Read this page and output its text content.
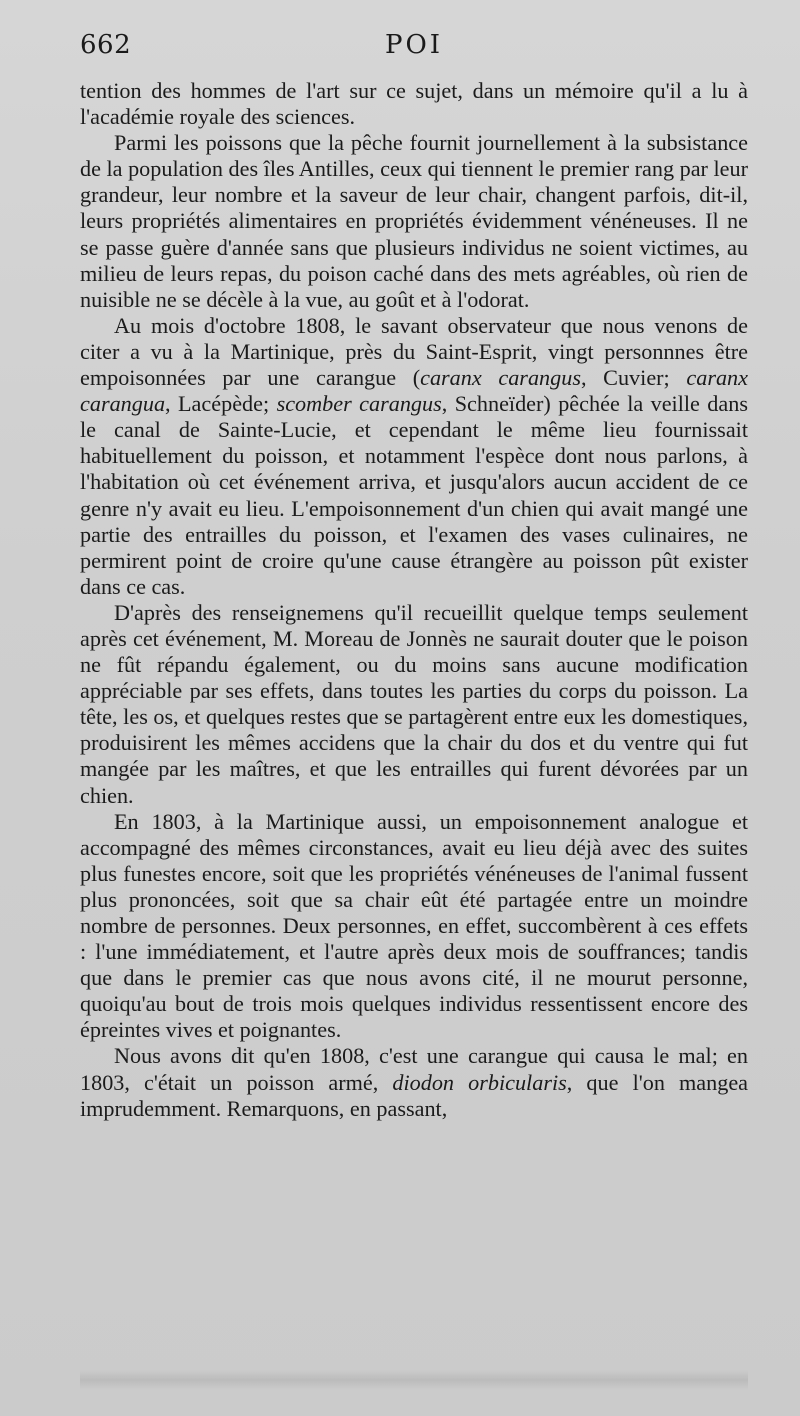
662	POI

tention des hommes de l'art sur ce sujet, dans un mémoire qu'il a lu à l'académie royale des sciences.

Parmi les poissons que la pêche fournit journellement à la subsistance de la population des îles Antilles, ceux qui tiennent le premier rang par leur grandeur, leur nombre et la saveur de leur chair, changent parfois, dit-il, leurs propriétés alimentaires en propriétés évidemment vénéneuses. Il ne se passe guère d'année sans que plusieurs individus ne soient victimes, au milieu de leurs repas, du poison caché dans des mets agréables, où rien de nuisible ne se décèle à la vue, au goût et à l'odorat.

Au mois d'octobre 1808, le savant observateur que nous venons de citer a vu à la Martinique, près du Saint-Esprit, vingt personnnes être empoisonnées par une carangue (caranx carangus, Cuvier; caranx carangua, Lacépède; scomber carangus, Schneïder) pêchée la veille dans le canal de Sainte-Lucie, et cependant le même lieu fournissait habituellement du poisson, et notamment l'espèce dont nous parlons, à l'habitation où cet événement arriva, et jusqu'alors aucun accident de ce genre n'y avait eu lieu. L'empoisonnement d'un chien qui avait mangé une partie des entrailles du poisson, et l'examen des vases culinaires, ne permirent point de croire qu'une cause étrangère au poisson pût exister dans ce cas.

D'après des renseignemens qu'il recueillit quelque temps seulement après cet événement, M. Moreau de Jonnès ne saurait douter que le poison ne fût répandu également, ou du moins sans aucune modification appréciable par ses effets, dans toutes les parties du corps du poisson. La tête, les os, et quelques restes que se partagèrent entre eux les domestiques, produisirent les mêmes accidens que la chair du dos et du ventre qui fut mangée par les maîtres, et que les entrailles qui furent dévorées par un chien.

En 1803, à la Martinique aussi, un empoisonnement analogue et accompagné des mêmes circonstances, avait eu lieu déjà avec des suites plus funestes encore, soit que les propriétés vénéneuses de l'animal fussent plus prononcées, soit que sa chair eût été partagée entre un moindre nombre de personnes. Deux personnes, en effet, succombèrent à ces effets : l'une immédiatement, et l'autre après deux mois de souffrances; tandis que dans le premier cas que nous avons cité, il ne mourut personne, quoiqu'au bout de trois mois quelques individus ressentissent encore des épreintes vives et poignantes.

Nous avons dit qu'en 1808, c'est une carangue qui causa le mal; en 1803, c'était un poisson armé, diodon orbicularis, que l'on mangea imprudemment. Remarquons, en passant,
